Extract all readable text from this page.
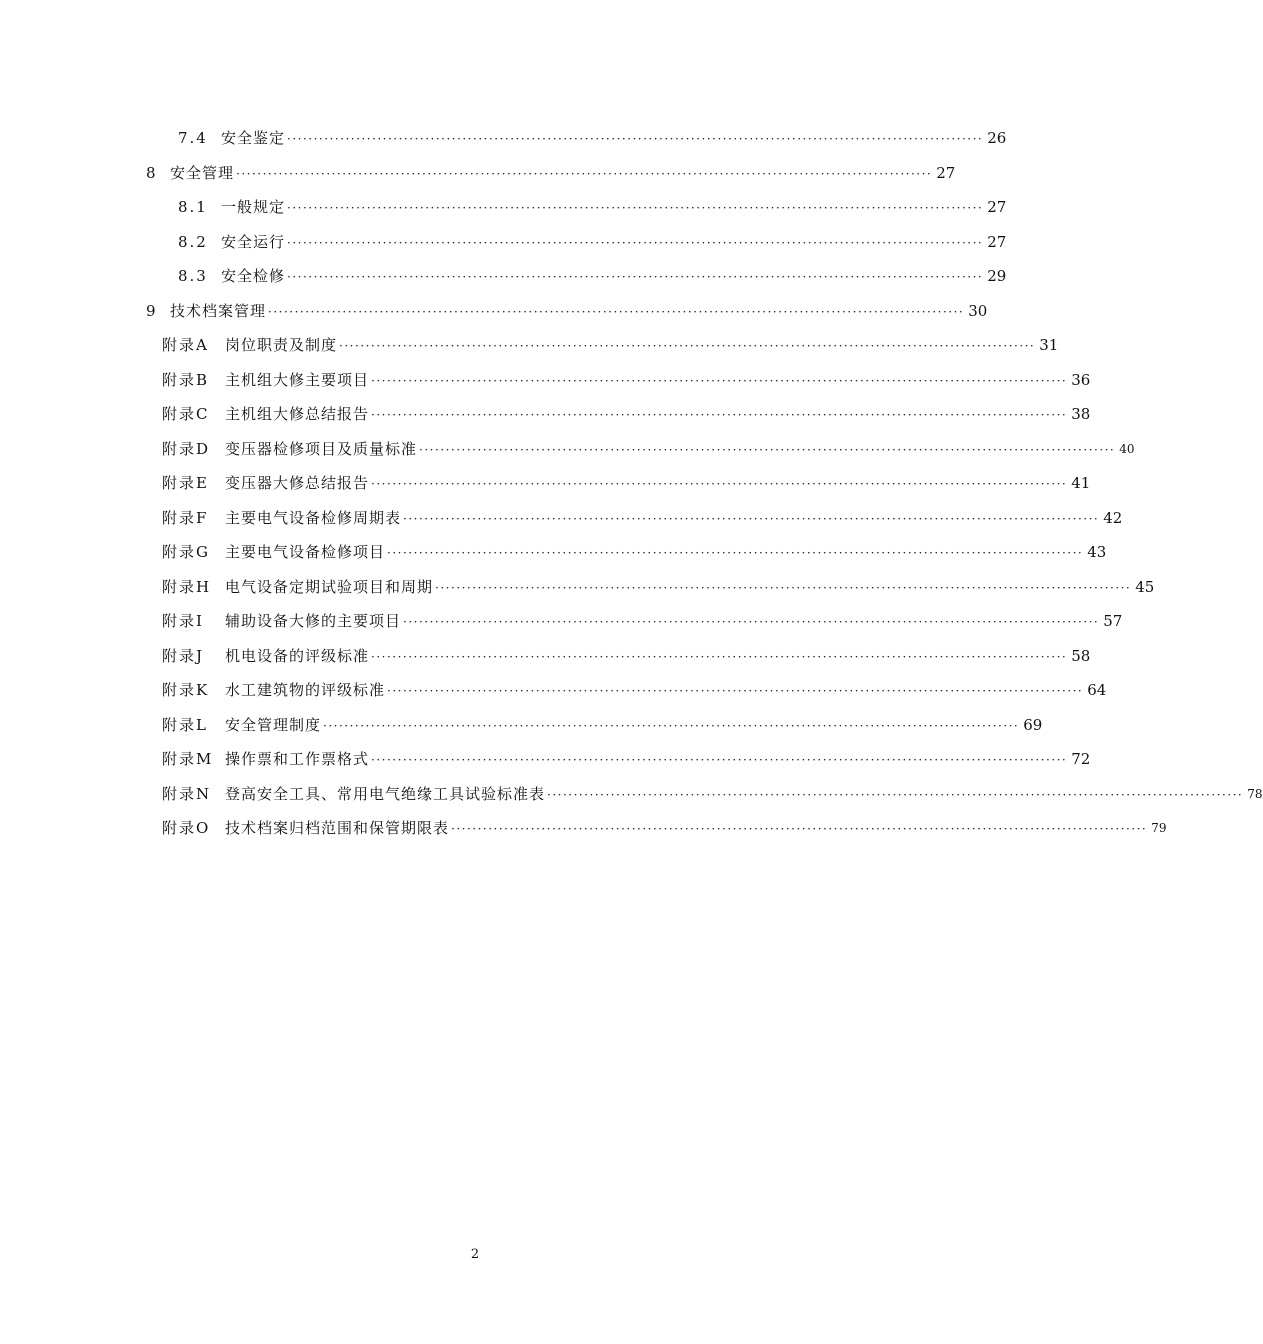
7.4 安全鉴定 ··································································································································· 26
8 安全管理 ··································································································································· 27
8.1 一般规定 ··································································································································· 27
8.2 安全运行 ··································································································································· 27
8.3 安全检修 ··································································································································· 29
9 技术档案管理 ··································································································································· 30
附录A 岗位职责及制度 ··································································································································· 31
附录B 主机组大修主要项目 ··································································································································· 36
附录C 主机组大修总结报告 ··································································································································· 38
附录D 变压器检修项目及质量标准 ··································································································································· 40
附录E 变压器大修总结报告 ··································································································································· 41
附录F 主要电气设备检修周期表 ··································································································································· 42
附录G 主要电气设备检修项目 ··································································································································· 43
附录H 电气设备定期试验项目和周期 ··································································································································· 45
附录I 辅助设备大修的主要项目 ··································································································································· 57
附录J 机电设备的评级标准 ··································································································································· 58
附录K 水工建筑物的评级标准 ··································································································································· 64
附录L 安全管理制度 ··································································································································· 69
附录M 操作票和工作票格式 ··································································································································· 72
附录N 登高安全工具、常用电气绝缘工具试验标准表 ··································································································································· 78
附录O 技术档案归档范围和保管期限表 ··································································································································· 79
2
